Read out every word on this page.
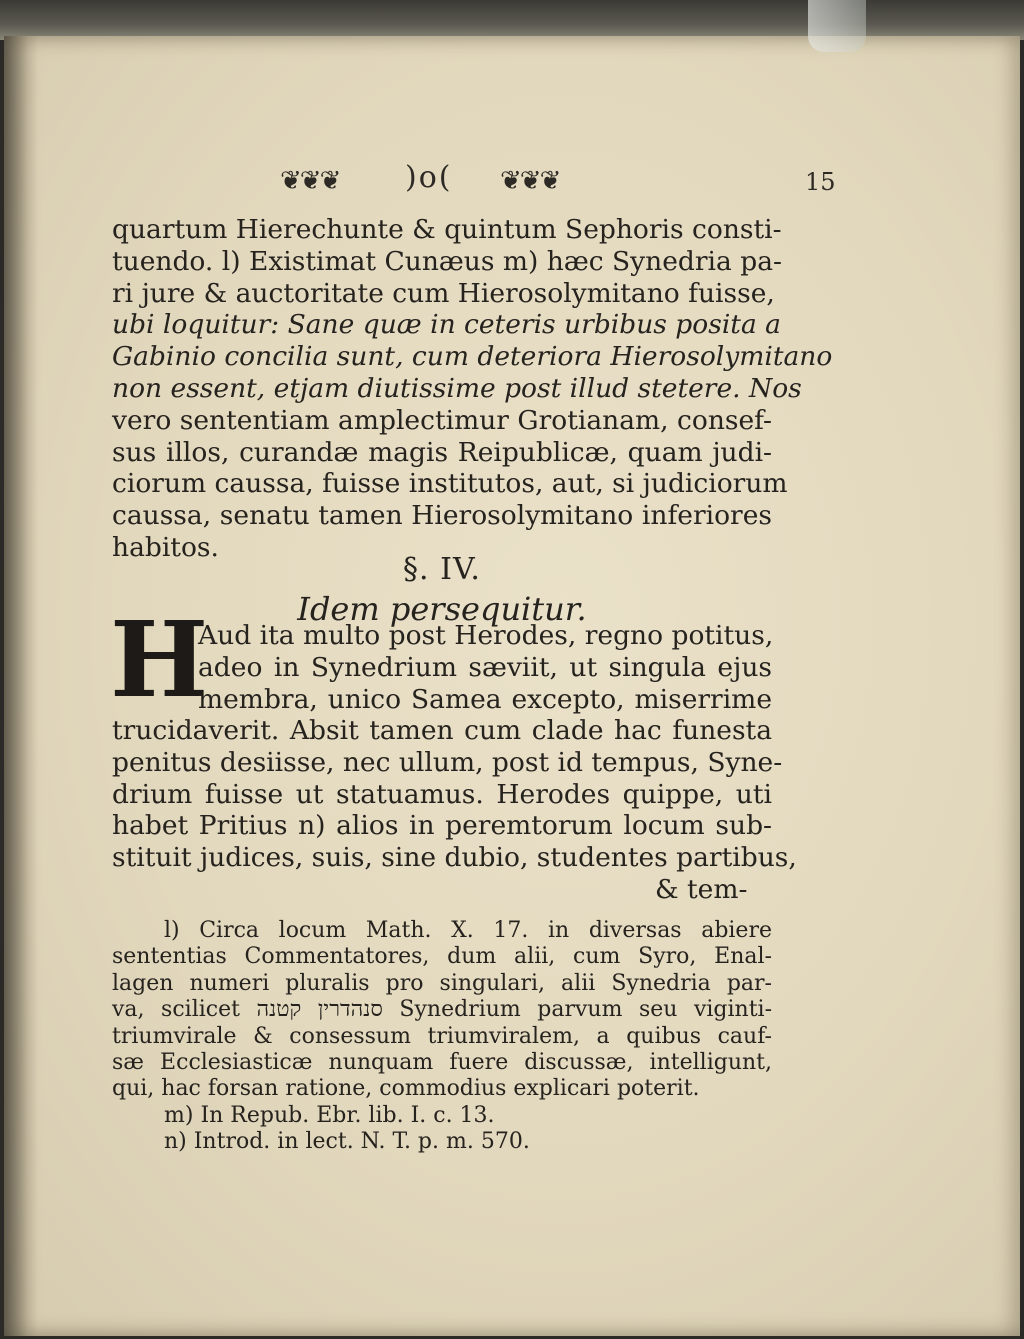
❦❦❦ )o( ❦❦❦	15
quartum Hierechunte & quintum Sephoris consti-
tuendo. l) Existimat Cunæus m) hæc Synedria pa-
ri jure & auctoritate cum Hierosolymitano fuisse,
ubi loquitur: Sane quæ in ceteris urbibus posita a
Gabinio concilia sunt, cum deteriora Hierosolymitano
non essent, etjam diutissime post illud stetere. Nos
vero sententiam amplectimur Grotianam, consef-
sus illos, curandæ magis Reipublicæ, quam judi-
ciorum caussa, fuisse institutos, aut, si judiciorum
caussa, senatu tamen Hierosolymitano inferiores
habitos.
§. IV.
Idem persequitur.
H
Aud ita multo post Herodes, regno potitus,
adeo in Synedrium sæviit, ut singula ejus
membra, unico Samea excepto, miserrime
trucidaverit. Absit tamen cum clade hac funesta
penitus desiisse, nec ullum, post id tempus, Syne-
drium fuisse ut statuamus. Herodes quippe, uti
habet Pritius n) alios in peremtorum locum sub-
stituit judices, suis, sine dubio, studentes partibus,
& tem-
l) Circa locum Math. X. 17. in diversas abiere
sententias Commentatores, dum alii, cum Syro, Enal-
lagen numeri pluralis pro singulari, alii Synedria par-
va, scilicet סנהדרין קטנה Synedrium parvum seu viginti-
triumvirale & consessum triumviralem, a quibus cauf-
sæ Ecclesiasticæ nunquam fuere discussæ, intelligunt,
qui, hac forsan ratione, commodius explicari poterit.
m) In Repub. Ebr. lib. I. c. 13.
n) Introd. in lect. N. T. p. m. 570.
